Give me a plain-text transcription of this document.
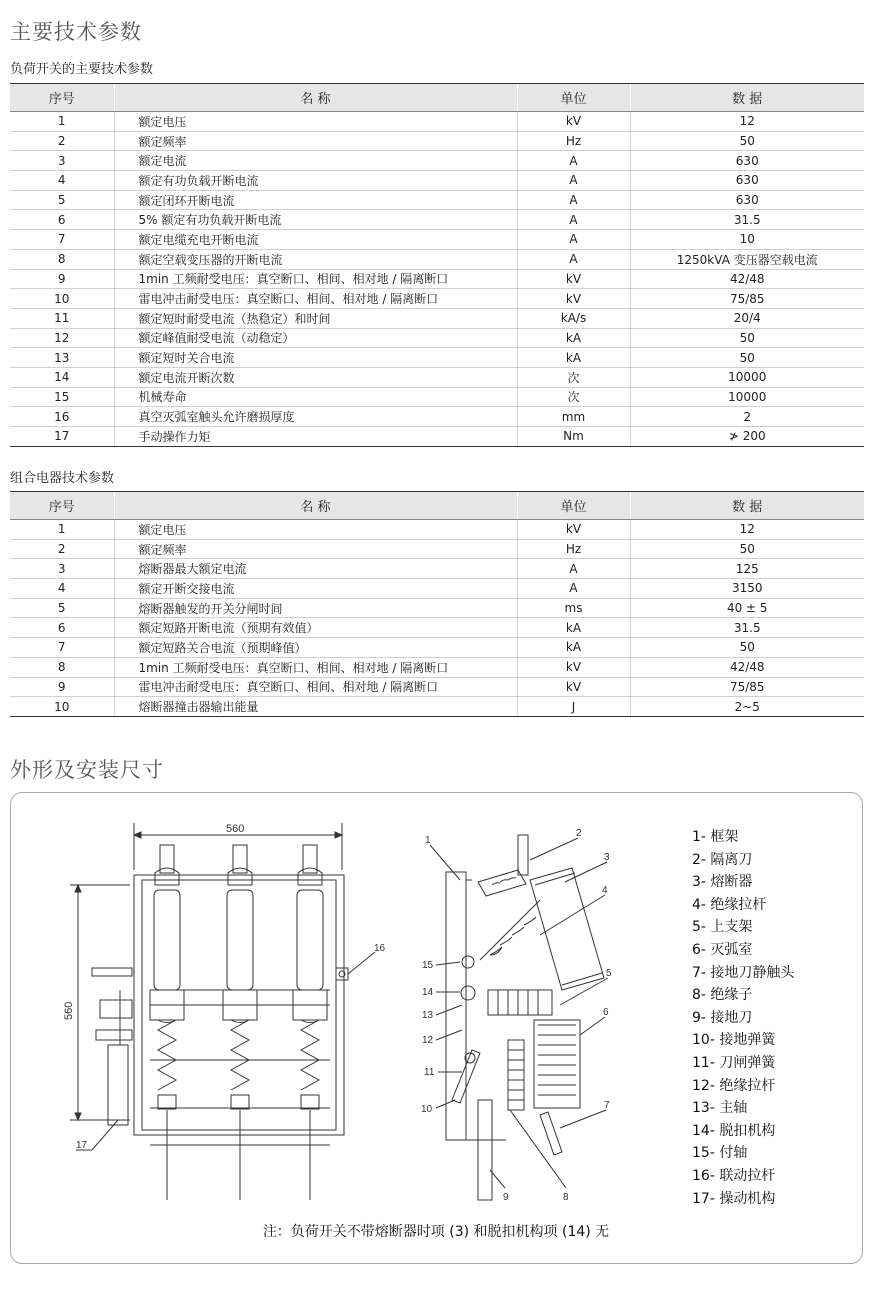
主要技术参数
负荷开关的主要技术参数
序号	名 称	单位	数 据
1	额定电压	kV	12
2	额定频率	Hz	50
3	额定电流	A	630
4	额定有功负载开断电流	A	630
5	额定闭环开断电流	A	630
6	5% 额定有功负载开断电流	A	31.5
7	额定电缆充电开断电流	A	10
8	额定空载变压器的开断电流	A	1250kVA 变压器空载电流
9	1min 工频耐受电压：真空断口、相间、相对地 / 隔离断口	kV	42/48
10	雷电冲击耐受电压：真空断口、相间、相对地 / 隔离断口	kV	75/85
11	额定短时耐受电流（热稳定）和时间	kA/s	20/4
12	额定峰值耐受电流（动稳定）	kA	50
13	额定短时关合电流	kA	50
14	额定电流开断次数	次	10000
15	机械寿命	次	10000
16	真空灭弧室触头允许磨损厚度	mm	2
17	手动操作力矩	Nm	≯ 200
组合电器技术参数
序号	名 称	单位	数 据
1	额定电压	kV	12
2	额定频率	Hz	50
3	熔断器最大额定电流	A	125
4	额定开断交接电流	A	3150
5	熔断器触发的开关分闸时间	ms	40 ± 5
6	额定短路开断电流（预期有效值）	kA	31.5
7	额定短路关合电流（预期峰值）	kA	50
8	1min 工频耐受电压：真空断口、相间、相对地 / 隔离断口	kV	42/48
9	雷电冲击耐受电压：真空断口、相间、相对地 / 隔离断口	kV	75/85
10	熔断器撞击器输出能量	J	2~5
外形及安装尺寸
560
560
16
17
1
2
3
4
5
6
7
8
9
10
11
12
13
14
15
1- 框架
2- 隔离刀
3- 熔断器
4- 绝缘拉杆
5- 上支架
6- 灭弧室
7- 接地刀静触头
8- 绝缘子
9- 接地刀
10- 接地弹簧
11- 刀闸弹簧
12- 绝缘拉杆
13- 主轴
14- 脱扣机构
15- 付轴
16- 联动拉杆
17- 操动机构
注：负荷开关不带熔断器时项 (3) 和脱扣机构项 (14) 无
